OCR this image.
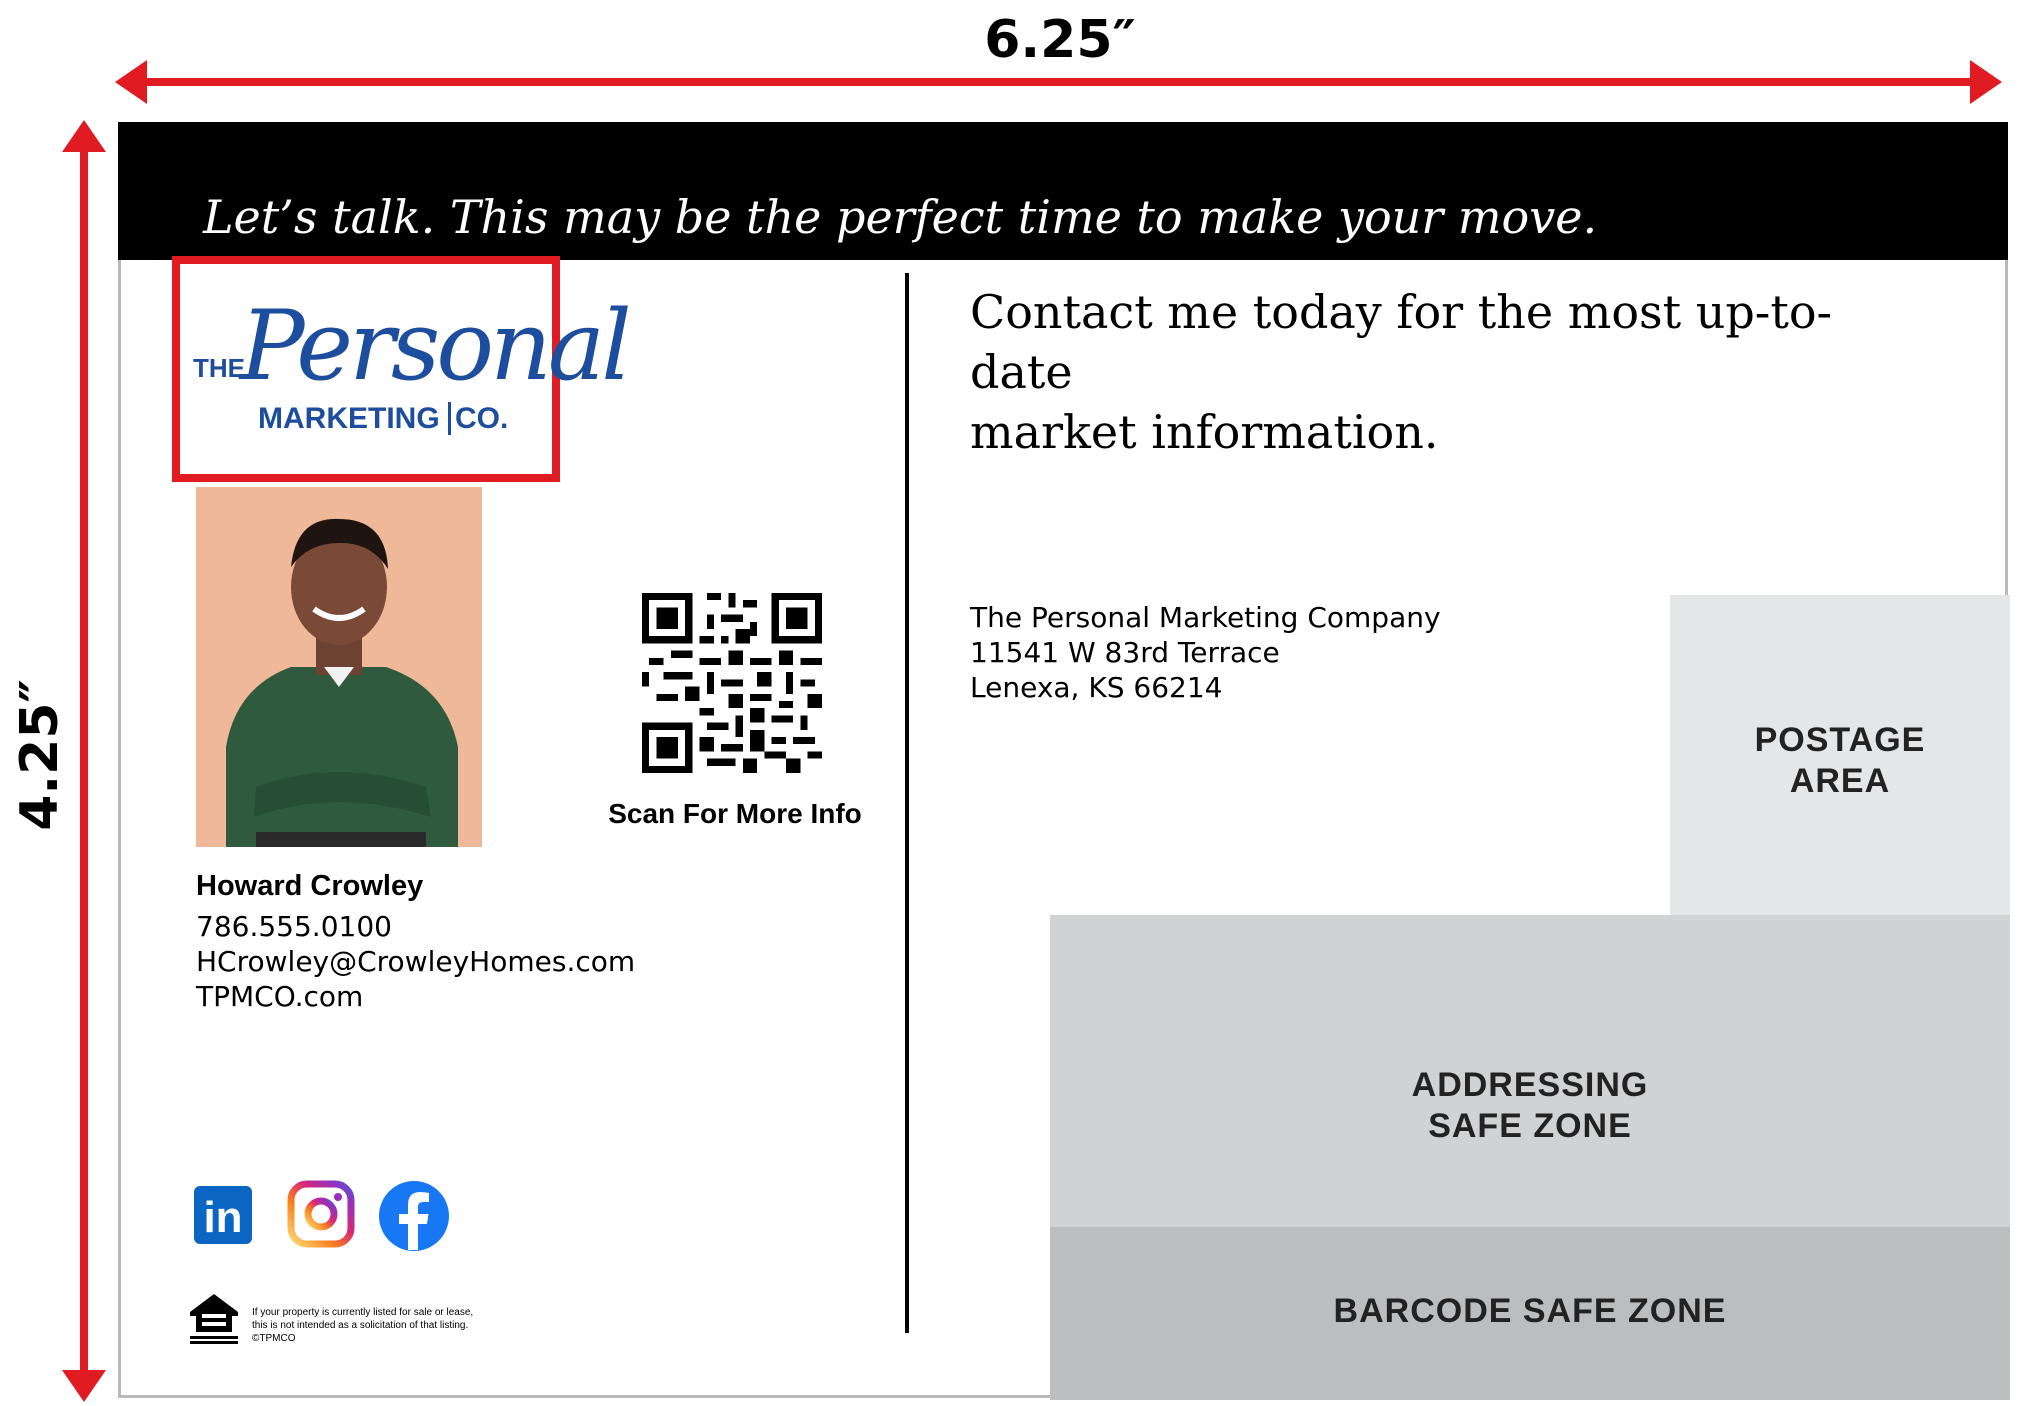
6.25″
4.25″
Let’s talk. This may be the perfect time to make your move.
THE
Personal
MARKETING CO.
Scan For More Info
Howard Crowley
786.555.0100
HCrowley@CrowleyHomes.com
TPMCO.com
in
If your property is currently listed for sale or lease,
this is not intended as a solicitation of that listing.
©TPMCO
Contact me today for the most up-to-date
market information.
The Personal Marketing Company
11541 W 83rd Terrace
Lenexa, KS 66214
POSTAGE
AREA
ADDRESSING
SAFE ZONE
BARCODE SAFE ZONE
